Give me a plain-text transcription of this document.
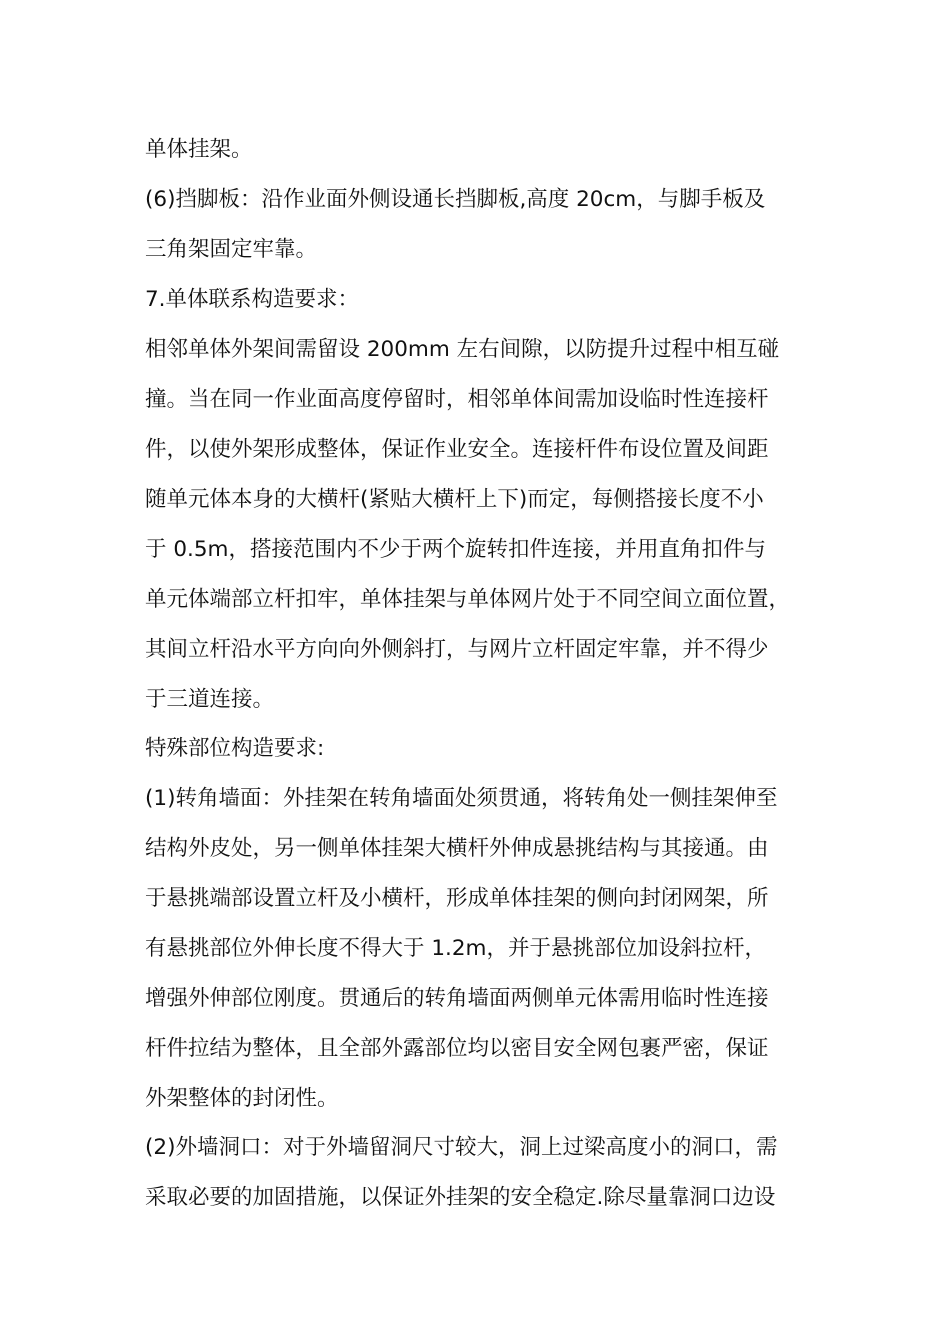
单体挂架。
(6)挡脚板：沿作业面外侧设通长挡脚板,高度 20cm，与脚手板及
三角架固定牢靠。
7.单体联系构造要求：
相邻单体外架间需留设 200mm 左右间隙，以防提升过程中相互碰
撞。当在同一作业面高度停留时，相邻单体间需加设临时性连接杆
件，以使外架形成整体，保证作业安全。连接杆件布设位置及间距
随单元体本身的大横杆(紧贴大横杆上下)而定，每侧搭接长度不小
于 0.5m，搭接范围内不少于两个旋转扣件连接，并用直角扣件与
单元体端部立杆扣牢，单体挂架与单体网片处于不同空间立面位置，
其间立杆沿水平方向向外侧斜打，与网片立杆固定牢靠，并不得少
于三道连接。
特殊部位构造要求:
(1)转角墙面：外挂架在转角墙面处须贯通，将转角处一侧挂架伸至
结构外皮处，另一侧单体挂架大横杆外伸成悬挑结构与其接通。由
于悬挑端部设置立杆及小横杆，形成单体挂架的侧向封闭网架，所
有悬挑部位外伸长度不得大于 1.2m，并于悬挑部位加设斜拉杆，
增强外伸部位刚度。贯通后的转角墙面两侧单元体需用临时性连接
杆件拉结为整体，且全部外露部位均以密目安全网包裹严密，保证
外架整体的封闭性。
(2)外墙洞口：对于外墙留洞尺寸较大，洞上过梁高度小的洞口，需
采取必要的加固措施，以保证外挂架的安全稳定.除尽量靠洞口边设
